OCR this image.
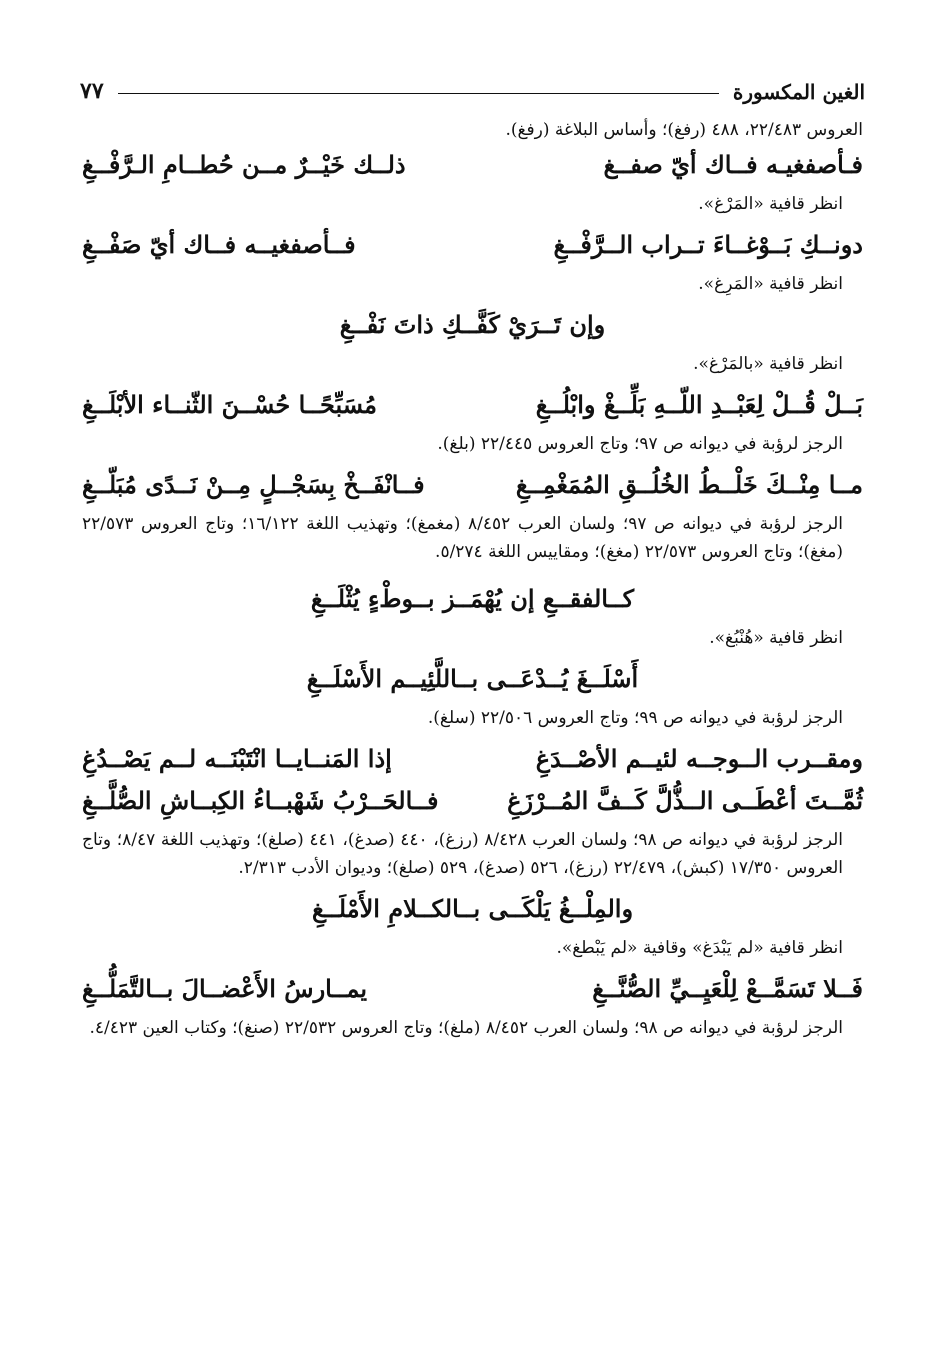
الغين المكسورة
٧٧

العروس ٢٢/٤٨٣، ٤٨٨ (رفغ)؛ وأساس البلاغة (رفغ).

فـأصفغيـه فــاك أيّ صفــغ
ذلــك خَيْــرٌ مــن حُطــامِ الـرَّفْــغِ

انظر قافية «المَرْغ».

دونــكِ بَــوْغــاءَ تــراب الــرَّفْــغِ
فــأصفغيــه فــاك أيّ صَفْــغِ

انظر قافية «المَرِغ».

وإن تَــرَيْ كَفَّــكِ ذاتَ نَفْــغِ

انظر قافية «بالمَرْغ».

بَــلْ قُــلْ لِعَبْــدِ اللّــهِ بَلِّــغْ وابْلُــغِ
مُسَبِّحًــا حُسْــنَ الثّنــاء الأبْلَــغِ

الرجز لرؤبة في ديوانه ص ٩٧؛ وتاج العروس ٢٢/٤٤٥ (بلغ).

مــا مِنْــكَ خَلْــطُ الخُلُــقِ المُمَغْمِــغِ
فــانْفَــخْ بِسَجْــلٍ مِــنْ نَــدًى مُبَلّــغِ

الرجز لرؤبة في ديوانه ص ٩٧؛ ولسان العرب ٨/٤٥٢ (مغمغ)؛ وتهذيب اللغة ١٦/١٢٢؛ وتاج العروس ٢٢/٥٧٣ (مغغ)؛ وتاج العروس ٢٢/٥٧٣ (مغغ)؛ ومقاييس اللغة ٥/٢٧٤.

كــالفقــعِ إن يُهْمَــز بــوطْءٍ يُثْلَــغِ

انظر قافية «هُنْبُغ».

أَسْلَــغَ يُــدْعَــى بــاللَّئِيــم الأَسْلَــغِ

الرجز لرؤبة في ديوانه ص ٩٩؛ وتاج العروس ٢٢/٥٠٦ (سلغ).

ومقــرب الــوجــه لئيــم الأصْــدَغِ
إذا المَنــايــا انْتَبْنَــه لــم يَصْــدُغِ
ثُمَّــتَ أعْطَــى الــذُّلَّ كَــفَّ المُــرْزَغِ
فــالحَــرْبُ شَهْبــاءُ الكِبــاشِ الصُّلَّــغِ

الرجز لرؤبة في ديوانه ص ٩٨؛ ولسان العرب ٨/٤٢٨ (رزغ)، ٤٤٠ (صدغ)، ٤٤١ (صلغ)؛ وتهذيب اللغة ٨/٤٧؛ وتاج العروس ١٧/٣٥٠ (كبش)، ٢٢/٤٧٩ (رزغ)، ٥٢٦ (صدغ)، ٥٢٩ (صلغ)؛ وديوان الأدب ٢/٣١٣.

والمِلْــغُ يَلْكَــى بــالكــلامِ الأَمْلَــغِ

انظر قافية «لم يَبْدَغ» وقافية «لم يَبْطغ».

فَــلا تَسَمَّــعْ لِلْعَيِــيِّ الصُّنَّــغِ
يمــارسُ الأَعْضــالَ بــالتَّمَلُّــغِ

الرجز لرؤبة في ديوانه ص ٩٨؛ ولسان العرب ٨/٤٥٢ (ملغ)؛ وتاج العروس ٢٢/٥٣٢ (صنغ)؛ وكتاب العين ٤/٤٢٣.
